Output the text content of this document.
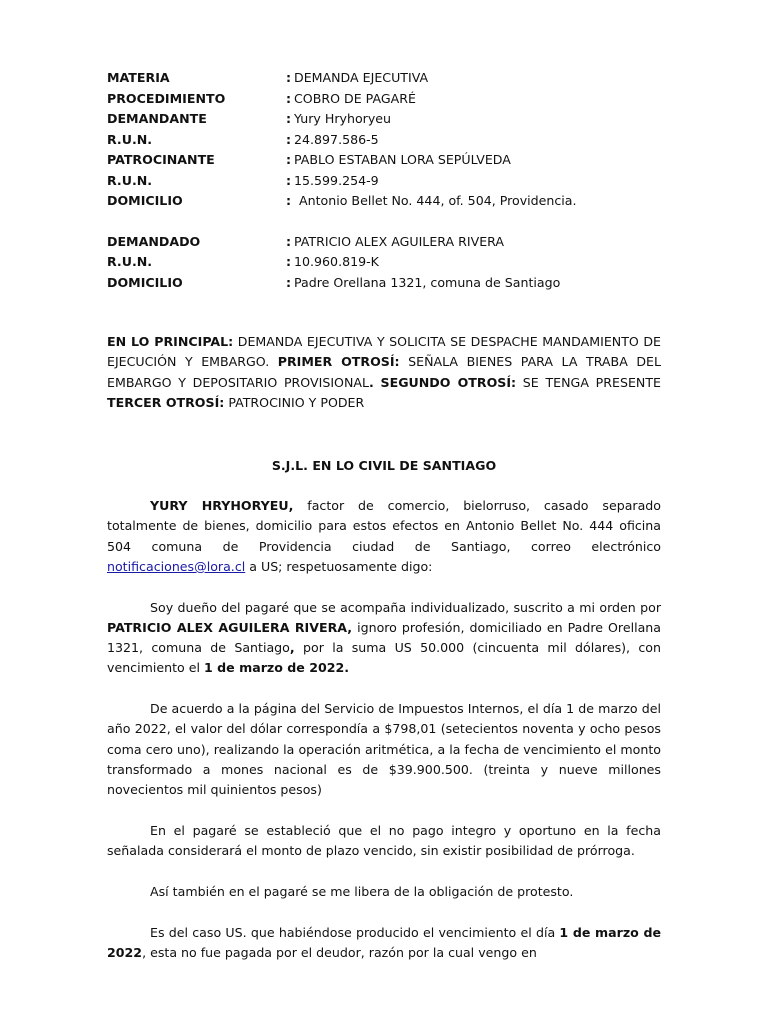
MATERIA	: DEMANDA EJECUTIVA
PROCEDIMIENTO	: COBRO DE PAGARÉ
DEMANDANTE	: Yury Hryhoryeu
R.U.N.	: 24.897.586-5
PATROCINANTE	: PABLO ESTABAN LORA SEPÚLVEDA
R.U.N.	: 15.599.254-9
DOMICILIO	: Antonio Bellet No. 444, of. 504, Providencia.
DEMANDADO	: PATRICIO ALEX AGUILERA RIVERA
R.U.N.	: 10.960.819-K
DOMICILIO	: Padre Orellana 1321, comuna de Santiago

EN LO PRINCIPAL: DEMANDA EJECUTIVA Y SOLICITA SE DESPACHE MANDAMIENTO DE EJECUCIÓN Y EMBARGO. PRIMER OTROSÍ: SEÑALA BIENES PARA LA TRABA DEL EMBARGO Y DEPOSITARIO PROVISIONAL. SEGUNDO OTROSÍ: SE TENGA PRESENTE TERCER OTROSÍ: PATROCINIO Y PODER

S.J.L. EN LO CIVIL DE SANTIAGO

YURY HRYHORYEU, factor de comercio, bielorruso, casado separado totalmente de bienes, domicilio para estos efectos en Antonio Bellet No. 444 oficina 504 comuna de Providencia ciudad de Santiago, correo electrónico notificaciones@lora.cl a US; respetuosamente digo:

Soy dueño del pagaré que se acompaña individualizado, suscrito a mi orden por PATRICIO ALEX AGUILERA RIVERA, ignoro profesión, domiciliado en Padre Orellana 1321, comuna de Santiago, por la suma US 50.000 (cincuenta mil dólares), con vencimiento el 1 de marzo de 2022.

De acuerdo a la página del Servicio de Impuestos Internos, el día 1 de marzo del año 2022, el valor del dólar correspondía a $798,01 (setecientos noventa y ocho pesos coma cero uno), realizando la operación aritmética, a la fecha de vencimiento el monto transformado a mones nacional es de $39.900.500. (treinta y nueve millones novecientos mil quinientos pesos)

En el pagaré se estableció que el no pago integro y oportuno en la fecha señalada considerará el monto de plazo vencido, sin existir posibilidad de prórroga.

Así también en el pagaré se me libera de la obligación de protesto.

Es del caso US. que habiéndose producido el vencimiento el día 1 de marzo de 2022, esta no fue pagada por el deudor, razón por la cual vengo en
